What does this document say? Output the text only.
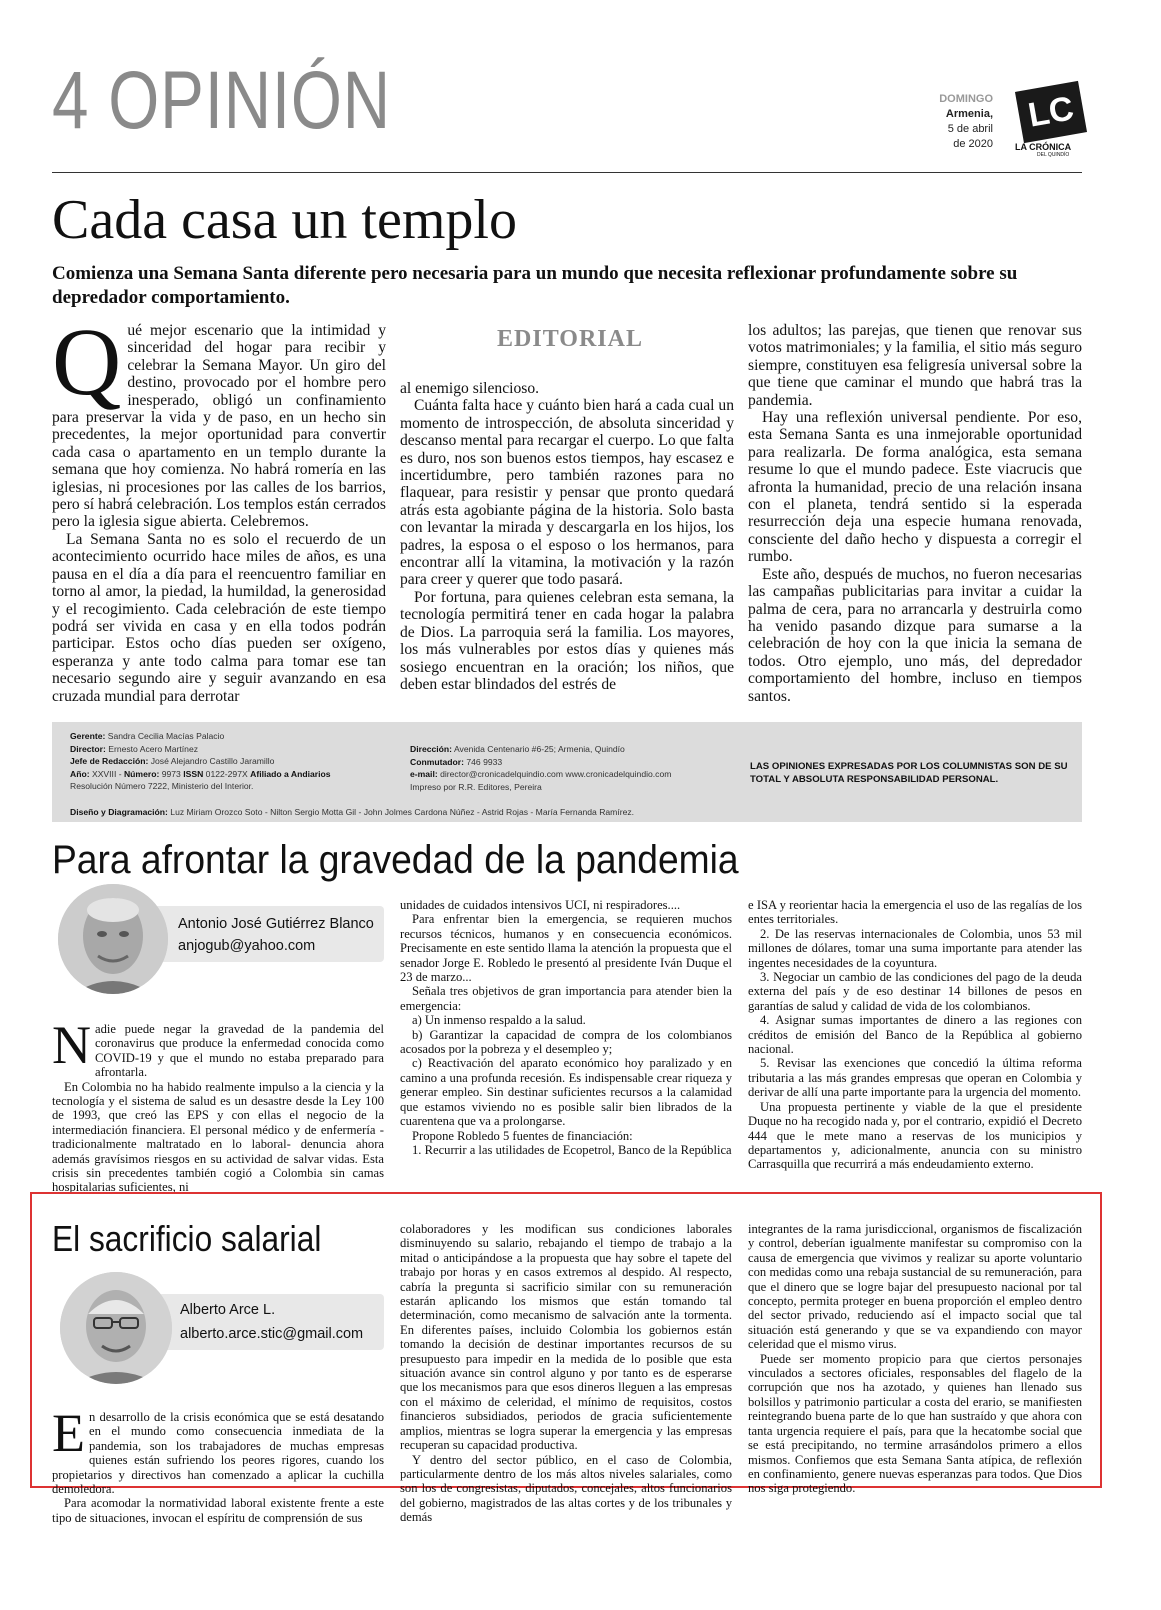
4 OPINIÓN	DOMINGO
Armenia,
5 de abril
de 2020
LC
LA CRÓNICA
DEL QUINDÍO
Cada casa un templo
Comienza una Semana Santa diferente pero necesaria para un mundo que necesita reflexionar profundamente sobre su depredador comportamiento.
Q ué mejor escenario que la intimidad y sinceridad del hogar para recibir y celebrar la Semana Mayor. Un giro del destino, provocado por el hombre pero inesperado, obligó un confinamiento para preservar la vida y de paso, en un hecho sin precedentes, la mejor oportunidad para convertir cada casa o apartamento en un templo durante la semana que hoy comienza. No habrá romería en las iglesias, ni procesiones por las calles de los barrios, pero sí habrá celebración. Los templos están cerrados pero la iglesia sigue abierta. Celebremos.

La Semana Santa no es solo el recuerdo de un acontecimiento ocurrido hace miles de años, es una pausa en el día a día para el reencuentro familiar en torno al amor, la piedad, la humildad, la generosidad y el recogimiento. Cada celebración de este tiempo podrá ser vivida en casa y en ella todos podrán participar. Estos ocho días pueden ser oxígeno, esperanza y ante todo calma para tomar ese tan necesario segundo aire y seguir avanzando en esa cruzada mundial para derrotar

EDITORIAL

al enemigo silencioso.

Cuánta falta hace y cuánto bien hará a cada cual un momento de introspección, de absoluta sinceridad y descanso mental para recargar el cuerpo. Lo que falta es duro, nos son buenos estos tiempos, hay escasez e incertidumbre, pero también razones para no flaquear, para resistir y pensar que pronto quedará atrás esta agobiante página de la historia. Solo basta con levantar la mirada y descargarla en los hijos, los padres, la esposa o el esposo o los hermanos, para encontrar allí la vitamina, la motivación y la razón para creer y querer que todo pasará.

Por fortuna, para quienes celebran esta semana, la tecnología permitirá tener en cada hogar la palabra de Dios. La parroquia será la familia. Los mayores, los más vulnerables por estos días y quienes más sosiego encuentran en la oración; los niños, que deben estar blindados del estrés de

los adultos; las parejas, que tienen que renovar sus votos matrimoniales; y la familia, el sitio más seguro siempre, constituyen esa feligresía universal sobre la que tiene que caminar el mundo que habrá tras la pandemia.

Hay una reflexión universal pendiente. Por eso, esta Semana Santa es una inmejorable oportunidad para realizarla. De forma analógica, esta semana resume lo que el mundo padece. Este viacrucis que afronta la humanidad, precio de una relación insana con el planeta, tendrá sentido si la esperada resurrección deja una especie humana renovada, consciente del daño hecho y dispuesta a corregir el rumbo.

Este año, después de muchos, no fueron necesarias las campañas publicitarias para invitar a cuidar la palma de cera, para no arrancarla y destruirla como ha venido pasando dizque para sumarse a la celebración de hoy con la que inicia la semana de todos. Otro ejemplo, uno más, del depredador comportamiento del hombre, incluso en tiempos santos.

Gerente: Sandra Cecilia Macías Palacio
Director: Ernesto Acero Martínez
Jefe de Redacción: José Alejandro Castillo Jaramillo
Año: XXVIII - Número: 9973 ISSN 0122-297X Afiliado a Andiarios
Resolución Número 7222, Ministerio del Interior.
Diseño y Diagramación: Luz Miriam Orozco Soto - Nilton Sergio Motta Gil - John Jolmes Cardona Núñez - Astrid Rojas - María Fernanda Ramírez.
Dirección: Avenida Centenario #6-25; Armenia, Quindío
Conmutador: 746 9933
e-mail: director@cronicadelquindio.com www.cronicadelquindio.com
Impreso por R.R. Editores, Pereira
LAS OPINIONES EXPRESADAS POR LOS COLUMNISTAS SON DE SU TOTAL Y ABSOLUTA RESPONSABILIDAD PERSONAL.
Para afrontar la gravedad de la pandemia
Antonio José Gutiérrez Blanco
anjogub@yahoo.com
N adie puede negar la gravedad de la pandemia del coronavirus que produce la enfermedad conocida como COVID-19 y que el mundo no estaba preparado para afrontarla.

En Colombia no ha habido realmente impulso a la ciencia y la tecnología y el sistema de salud es un desastre desde la Ley 100 de 1993, que creó las EPS y con ellas el negocio de la intermediación financiera. El personal médico y de enfermería -tradicionalmente maltratado en lo laboral- denuncia ahora además gravísimos riesgos en su actividad de salvar vidas. Esta crisis sin precedentes también cogió a Colombia sin camas hospitalarias suficientes, ni

unidades de cuidados intensivos UCI, ni respiradores....

Para enfrentar bien la emergencia, se requieren muchos recursos técnicos, humanos y en consecuencia económicos. Precisamente en este sentido llama la atención la propuesta que el senador Jorge E. Robledo le presentó al presidente Iván Duque el 23 de marzo...

Señala tres objetivos de gran importancia para atender bien la emergencia:

a) Un inmenso respaldo a la salud.

b) Garantizar la capacidad de compra de los colombianos acosados por la pobreza y el desempleo y;

c) Reactivación del aparato económico hoy paralizado y en camino a una profunda recesión. Es indispensable crear riqueza y generar empleo. Sin destinar suficientes recursos a la calamidad que estamos viviendo no es posible salir bien librados de la cuarentena que va a prolongarse.

Propone Robledo 5 fuentes de financiación:

1. Recurrir a las utilidades de Ecopetrol, Banco de la República

e ISA y reorientar hacia la emergencia el uso de las regalías de los entes territoriales.

2. De las reservas internacionales de Colombia, unos 53 mil millones de dólares, tomar una suma importante para atender las ingentes necesidades de la coyuntura.

3. Negociar un cambio de las condiciones del pago de la deuda externa del país y de eso destinar 14 billones de pesos en garantías de salud y calidad de vida de los colombianos.

4. Asignar sumas importantes de dinero a las regiones con créditos de emisión del Banco de la República al gobierno nacional.

5. Revisar las exenciones que concedió la última reforma tributaria a las más grandes empresas que operan en Colombia y derivar de allí una parte importante para la urgencia del momento.

Una propuesta pertinente y viable de la que el presidente Duque no ha recogido nada y, por el contrario, expidió el Decreto 444 que le mete mano a reservas de los municipios y departamentos y, adicionalmente, anuncia con su ministro Carrasquilla que recurrirá a más endeudamiento externo.

El sacrificio salarial
Alberto Arce L.
alberto.arce.stic@gmail.com
E n desarrollo de la crisis económica que se está desatando en el mundo como consecuencia inmediata de la pandemia, son los trabajadores de muchas empresas quienes están sufriendo los peores rigores, cuando los propietarios y directivos han comenzado a aplicar la cuchilla demoledora.

Para acomodar la normatividad laboral existente frente a este tipo de situaciones, invocan el espíritu de comprensión de sus

colaboradores y les modifican sus condiciones laborales disminuyendo su salario, rebajando el tiempo de trabajo a la mitad o anticipándose a la propuesta que hay sobre el tapete del trabajo por horas y en casos extremos al despido. Al respecto, cabría la pregunta si sacrificio similar con su remuneración estarán aplicando los mismos que están tomando tal determinación, como mecanismo de salvación ante la tormenta. En diferentes países, incluido Colombia los gobiernos están tomando la decisión de destinar importantes recursos de su presupuesto para impedir en la medida de lo posible que esta situación avance sin control alguno y por tanto es de esperarse que los mecanismos para que esos dineros lleguen a las empresas con el máximo de celeridad, el mínimo de requisitos, costos financieros subsidiados, periodos de gracia suficientemente amplios, mientras se logra superar la emergencia y las empresas recuperan su capacidad productiva.

Y dentro del sector público, en el caso de Colombia, particularmente dentro de los más altos niveles salariales, como son los de congresistas, diputados, concejales, altos funcionarios del gobierno, magistrados de las altas cortes y de los tribunales y demás

integrantes de la rama jurisdiccional, organismos de fiscalización y control, deberían igualmente manifestar su compromiso con la causa de emergencia que vivimos y realizar su aporte voluntario con medidas como una rebaja sustancial de su remuneración, para que el dinero que se logre bajar del presupuesto nacional por tal concepto, permita proteger en buena proporción el empleo dentro del sector privado, reduciendo así el impacto social que tal situación está generando y que se va expandiendo con mayor celeridad que el mismo virus.

Puede ser momento propicio para que ciertos personajes vinculados a sectores oficiales, responsables del flagelo de la corrupción que nos ha azotado, y quienes han llenado sus bolsillos y patrimonio particular a costa del erario, se manifiesten reintegrando buena parte de lo que han sustraído y que ahora con tanta urgencia requiere el país, para que la hecatombe social que se está precipitando, no termine arrasándolos primero a ellos mismos. Confiemos que esta Semana Santa atípica, de reflexión en confinamiento, genere nuevas esperanzas para todos. Que Dios nos siga protegiendo.
